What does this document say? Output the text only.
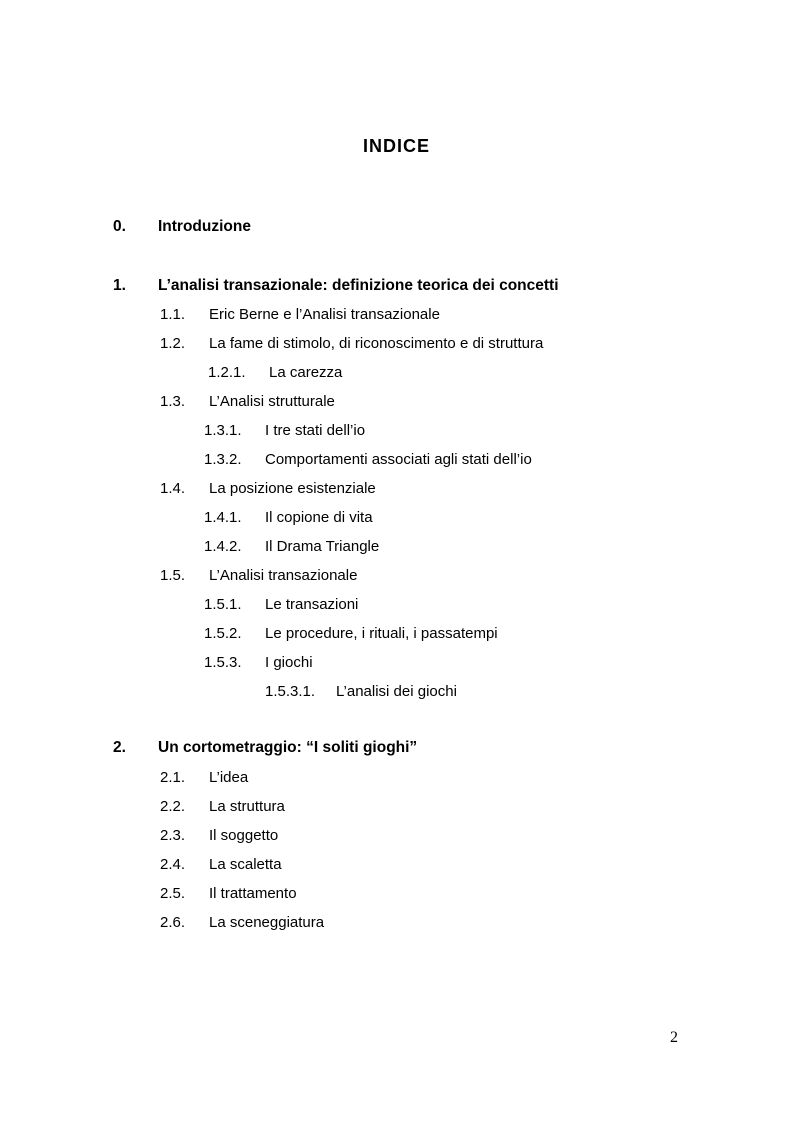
INDICE
0. Introduzione
1. L’analisi transazionale: definizione teorica dei concetti
1.1. Eric Berne e l’Analisi transazionale
1.2. La fame di stimolo, di riconoscimento e di struttura
1.2.1. La carezza
1.3. L’Analisi strutturale
1.3.1. I tre stati dell’io
1.3.2. Comportamenti associati agli stati dell’io
1.4. La posizione esistenziale
1.4.1. Il copione di vita
1.4.2. Il Drama Triangle
1.5. L’Analisi transazionale
1.5.1. Le transazioni
1.5.2. Le procedure, i rituali, i passatempi
1.5.3. I giochi
1.5.3.1. L’analisi dei giochi
2. Un cortometraggio: “I soliti gioghi”
2.1. L’idea
2.2. La struttura
2.3. Il soggetto
2.4. La scaletta
2.5. Il trattamento
2.6. La sceneggiatura
2
